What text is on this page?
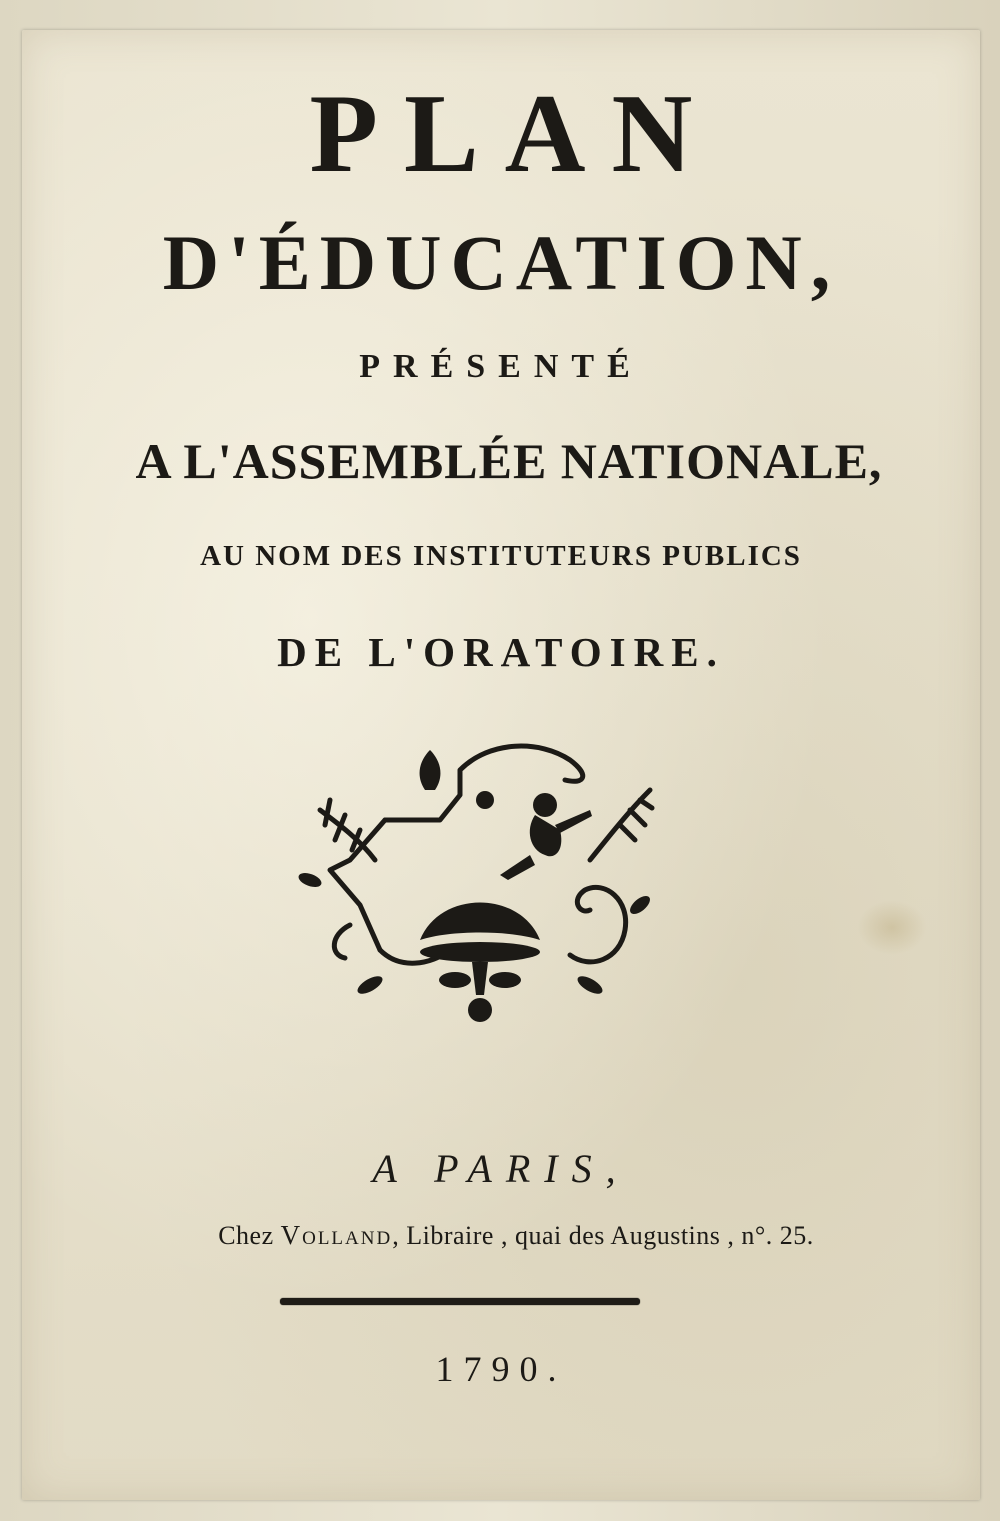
PLAN
D'ÉDUCATION,
PRÉSENTÉ
A L'ASSEMBLÉE NATIONALE,
AU NOM DES INSTITUTEURS PUBLICS
DE L'ORATOIRE.
A PARIS,
Chez Volland, Libraire , quai des Augustins , n°. 25.
1790.
